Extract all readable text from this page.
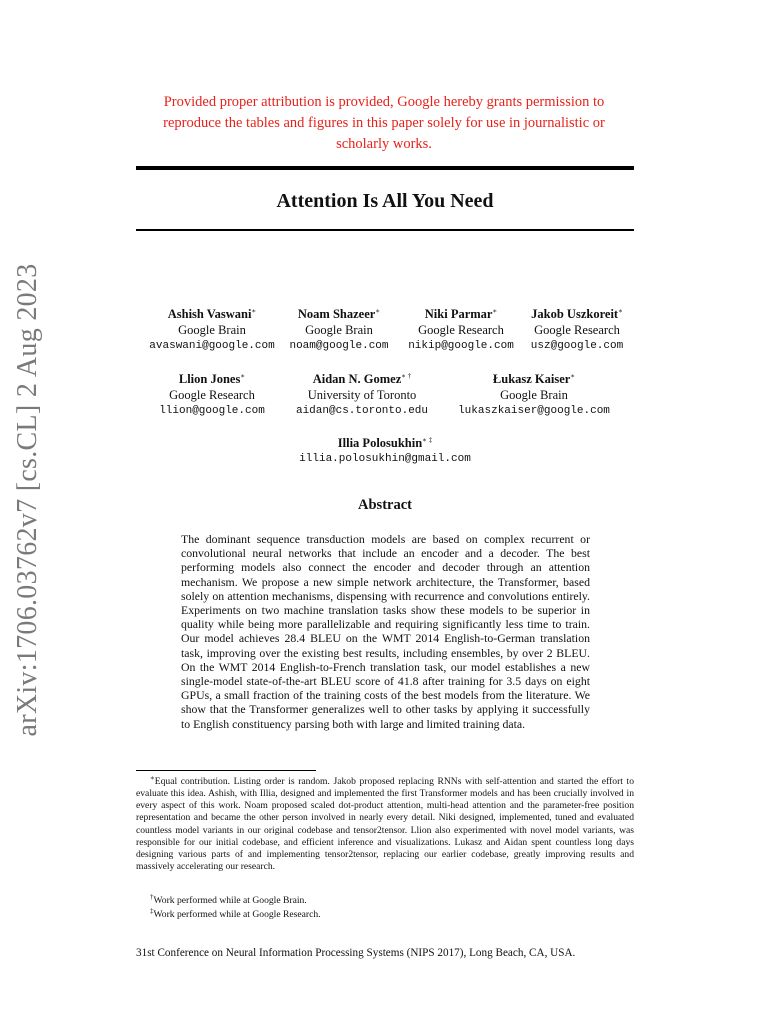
arXiv:1706.03762v7 [cs.CL] 2 Aug 2023
Provided proper attribution is provided, Google hereby grants permission to reproduce the tables and figures in this paper solely for use in journalistic or scholarly works.
Attention Is All You Need
Ashish Vaswani∗
Google Brain
avaswani@google.com
Noam Shazeer∗
Google Brain
noam@google.com
Niki Parmar∗
Google Research
nikip@google.com
Jakob Uszkoreit∗
Google Research
usz@google.com
Llion Jones∗
Google Research
llion@google.com
Aidan N. Gomez∗ †
University of Toronto
aidan@cs.toronto.edu
Łukasz Kaiser∗
Google Brain
lukaszkaiser@google.com
Illia Polosukhin∗ ‡
illia.polosukhin@gmail.com
Abstract
The dominant sequence transduction models are based on complex recurrent or convolutional neural networks that include an encoder and a decoder. The best performing models also connect the encoder and decoder through an attention mechanism. We propose a new simple network architecture, the Transformer, based solely on attention mechanisms, dispensing with recurrence and convolutions entirely. Experiments on two machine translation tasks show these models to be superior in quality while being more parallelizable and requiring significantly less time to train. Our model achieves 28.4 BLEU on the WMT 2014 English-to-German translation task, improving over the existing best results, including ensembles, by over 2 BLEU. On the WMT 2014 English-to-French translation task, our model establishes a new single-model state-of-the-art BLEU score of 41.8 after training for 3.5 days on eight GPUs, a small fraction of the training costs of the best models from the literature. We show that the Transformer generalizes well to other tasks by applying it successfully to English constituency parsing both with large and limited training data.
∗Equal contribution. Listing order is random. Jakob proposed replacing RNNs with self-attention and started the effort to evaluate this idea. Ashish, with Illia, designed and implemented the first Transformer models and has been crucially involved in every aspect of this work. Noam proposed scaled dot-product attention, multi-head attention and the parameter-free position representation and became the other person involved in nearly every detail. Niki designed, implemented, tuned and evaluated countless model variants in our original codebase and tensor2tensor. Llion also experimented with novel model variants, was responsible for our initial codebase, and efficient inference and visualizations. Lukasz and Aidan spent countless long days designing various parts of and implementing tensor2tensor, replacing our earlier codebase, greatly improving results and massively accelerating our research.
†Work performed while at Google Brain.
‡Work performed while at Google Research.
31st Conference on Neural Information Processing Systems (NIPS 2017), Long Beach, CA, USA.
